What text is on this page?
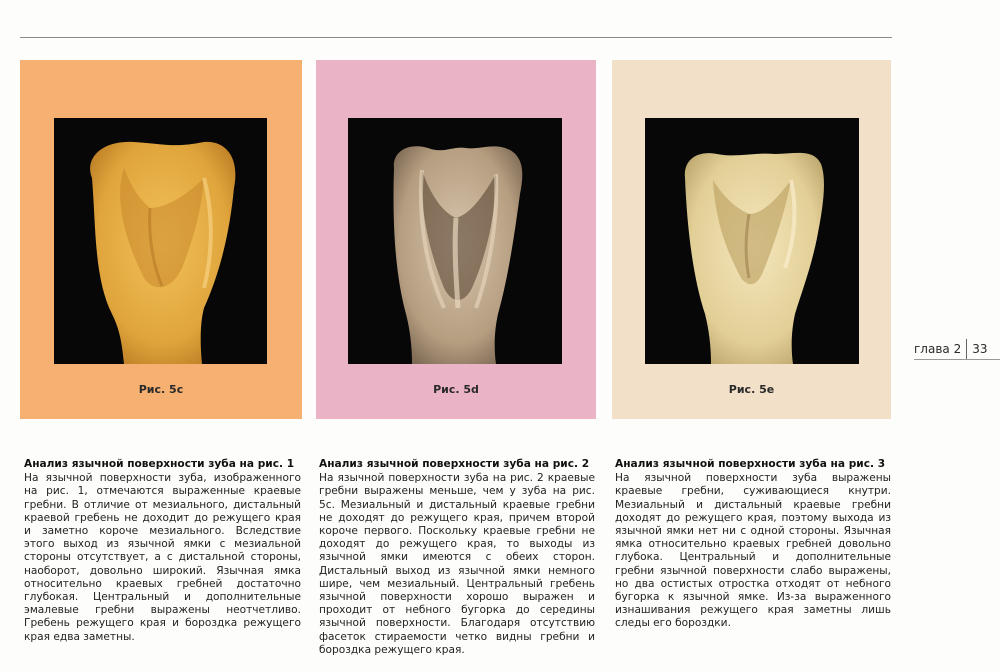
Рис. 5c	Рис. 5d	Рис. 5e
глава 2 33
Анализ язычной поверхности зуба на рис. 1

На язычной поверхности зуба, изображенного на рис. 1, отмечаются выраженные краевые гребни. В отличие от мезиального, дистальный краевой гребень не доходит до режущего края и заметно короче мезиального. Вследствие этого выход из язычной ямки с мезиальной стороны отсутствует, а с дистальной стороны, наоборот, довольно широкий. Язычная ямка относительно краевых гребней достаточно глубокая. Центральный и дополнительные эмалевые гребни выражены неотчетливо. Гребень режущего края и бороздка режущего края едва заметны.

Анализ язычной поверхности зуба на рис. 2

На язычной поверхности зуба на рис. 2 краевые гребни выражены меньше, чем у зуба на рис. 5c. Мезиальный и дистальный краевые гребни не доходят до режущего края, причем второй короче первого. Поскольку краевые гребни не доходят до режущего края, то выходы из язычной ямки имеются с обеих сторон. Дистальный выход из язычной ямки немного шире, чем мезиальный. Центральный гребень язычной поверхности хорошо выражен и проходит от небного бугорка до середины язычной поверхности. Благодаря отсутствию фасеток стираемости четко видны гребни и бороздка режущего края.

Анализ язычной поверхности зуба на рис. 3

На язычной поверхности зуба выражены краевые гребни, суживающиеся кнутри. Мезиальный и дистальный краевые гребни доходят до режущего края, поэтому выхода из язычной ямки нет ни с одной стороны. Язычная ямка относительно краевых гребней довольно глубока. Центральный и дополнительные гребни язычной поверхности слабо выражены, но два остистых отростка отходят от небного бугорка к язычной ямке. Из-за выраженного изнашивания режущего края заметны лишь следы его бороздки.
